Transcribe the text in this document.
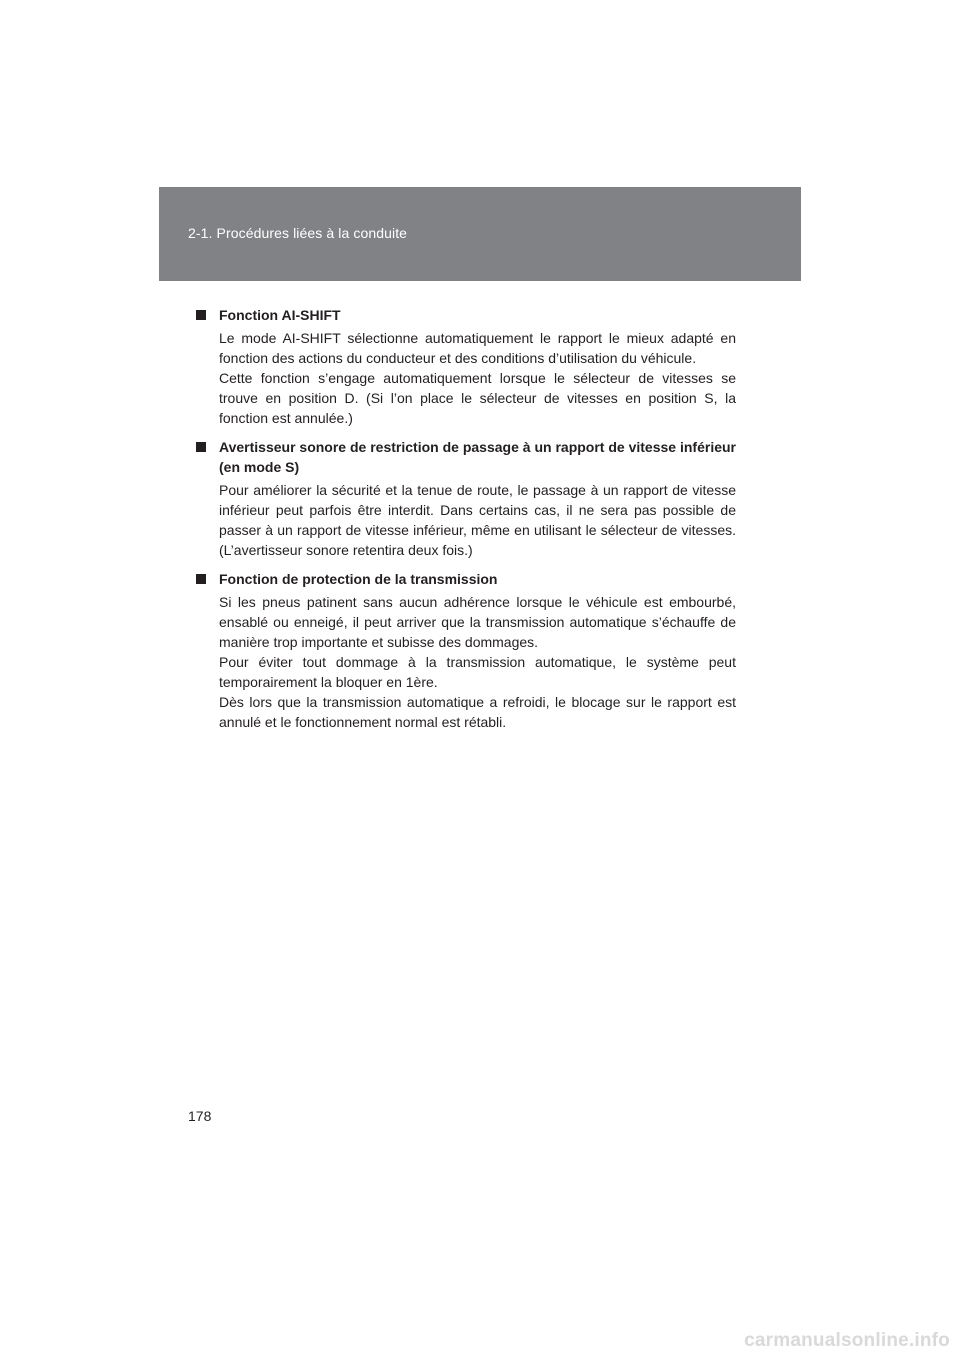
2-1. Procédures liées à la conduite
Fonction AI-SHIFT

Le mode AI-SHIFT sélectionne automatiquement le rapport le mieux adapté en fonction des actions du conducteur et des conditions d’utilisation du véhicule.

Cette fonction s’engage automatiquement lorsque le sélecteur de vitesses se trouve en position D. (Si l’on place le sélecteur de vitesses en position S, la fonction est annulée.)

Avertisseur sonore de restriction de passage à un rapport de vitesse inférieur (en mode S)

Pour améliorer la sécurité et la tenue de route, le passage à un rapport de vitesse inférieur peut parfois être interdit. Dans certains cas, il ne sera pas possible de passer à un rapport de vitesse inférieur, même en utilisant le sélecteur de vitesses. (L’avertisseur sonore retentira deux fois.)

Fonction de protection de la transmission

Si les pneus patinent sans aucun adhérence lorsque le véhicule est embourbé, ensablé ou enneigé, il peut arriver que la transmission automatique s’échauffe de manière trop importante et subisse des dommages.

Pour éviter tout dommage à la transmission automatique, le système peut temporairement la bloquer en 1ère.

Dès lors que la transmission automatique a refroidi, le blocage sur le rapport est annulé et le fonctionnement normal est rétabli.

178
carmanualsonline.info
